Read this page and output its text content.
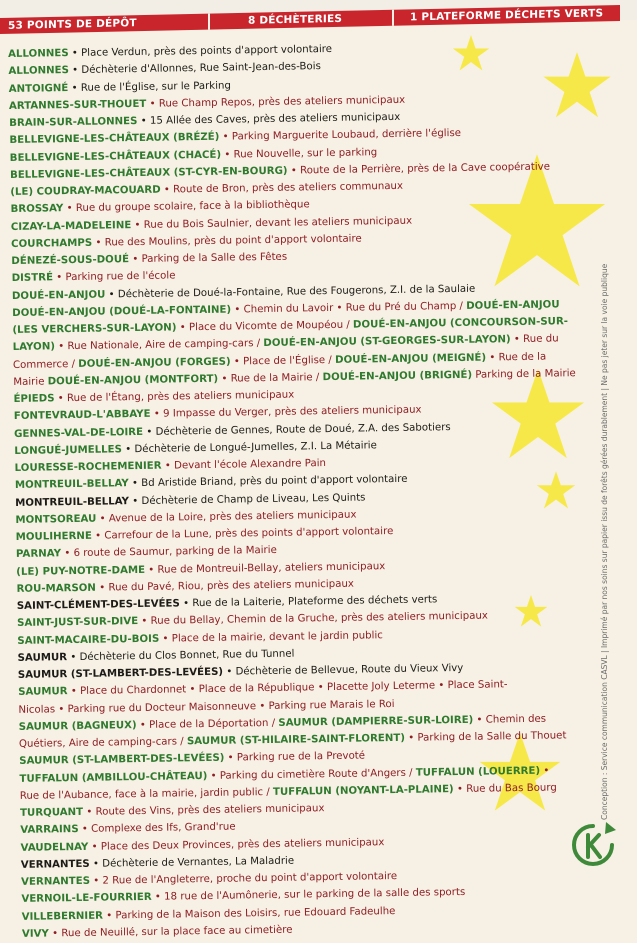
53 POINTS DE DÉPÔT	8 DÉCHÈTERIES	1 PLATEFORME DÉCHETS VERTS
ALLONNES • Place Verdun, près des points d'apport volontaire
ALLONNES • Déchèterie d'Allonnes, Rue Saint-Jean-des-Bois
ANTOIGNÉ • Rue de l'Église, sur le Parking
ARTANNES-SUR-THOUET • Rue Champ Repos, près des ateliers municipaux
BRAIN-SUR-ALLONNES • 15 Allée des Caves, près des ateliers municipaux
BELLEVIGNE-LES-CHÂTEAUX (BRÉZÉ) • Parking Marguerite Loubaud, derrière l'église
BELLEVIGNE-LES-CHÂTEAUX (CHACÉ) • Rue Nouvelle, sur le parking
BELLEVIGNE-LES-CHÂTEAUX (ST-CYR-EN-BOURG) • Route de la Perrière, près de la Cave coopérative
(LE) COUDRAY-MACOUARD • Route de Bron, près des ateliers communaux
BROSSAY • Rue du groupe scolaire, face à la bibliothèque
CIZAY-LA-MADELEINE • Rue du Bois Saulnier, devant les ateliers municipaux
COURCHAMPS • Rue des Moulins, près du point d'apport volontaire
DÉNEZÉ-SOUS-DOUÉ • Parking de la Salle des Fêtes
DISTRÉ • Parking rue de l'école
DOUÉ-EN-ANJOU • Déchèterie de Doué-la-Fontaine, Rue des Fougerons, Z.I. de la Saulaie
DOUÉ-EN-ANJOU (DOUÉ-LA-FONTAINE) • Chemin du Lavoir • Rue du Pré du Champ / DOUÉ-EN-ANJOU
(LES VERCHERS-SUR-LAYON) • Place du Vicomte de Moupéou / DOUÉ-EN-ANJOU (CONCOURSON-SUR-
LAYON) • Rue Nationale, Aire de camping-cars / DOUÉ-EN-ANJOU (ST-GEORGES-SUR-LAYON) • Rue du
Commerce / DOUÉ-EN-ANJOU (FORGES) • Place de l'Église / DOUÉ-EN-ANJOU (MEIGNÉ) • Rue de la
Mairie DOUÉ-EN-ANJOU (MONTFORT) • Rue de la Mairie / DOUÉ-EN-ANJOU (BRIGNÉ) Parking de la Mairie
ÉPIEDS • Rue de l'Étang, près des ateliers municipaux
FONTEVRAUD-L'ABBAYE • 9 Impasse du Verger, près des ateliers municipaux
GENNES-VAL-DE-LOIRE • Déchèterie de Gennes, Route de Doué, Z.A. des Sabotiers
LONGUÉ-JUMELLES • Déchèterie de Longué-Jumelles, Z.I. La Métairie
LOURESSE-ROCHEMENIER • Devant l'école Alexandre Pain
MONTREUIL-BELLAY • Bd Aristide Briand, près du point d'apport volontaire
MONTREUIL-BELLAY • Déchèterie de Champ de Liveau, Les Quints
MONTSOREAU • Avenue de la Loire, près des ateliers municipaux
MOULIHERNE • Carrefour de la Lune, près des points d'apport volontaire
PARNAY • 6 route de Saumur, parking de la Mairie
(LE) PUY-NOTRE-DAME • Rue de Montreuil-Bellay, ateliers municipaux
ROU-MARSON • Rue du Pavé, Riou, près des ateliers municipaux
SAINT-CLÉMENT-DES-LEVÉES • Rue de la Laiterie, Plateforme des déchets verts
SAINT-JUST-SUR-DIVE • Rue du Bellay, Chemin de la Gruche, près des ateliers municipaux
SAINT-MACAIRE-DU-BOIS • Place de la mairie, devant le jardin public
SAUMUR • Déchèterie du Clos Bonnet, Rue du Tunnel
SAUMUR (ST-LAMBERT-DES-LEVÉES) • Déchèterie de Bellevue, Route du Vieux Vivy
SAUMUR • Place du Chardonnet • Place de la République • Placette Joly Leterme • Place Saint-
Nicolas • Parking rue du Docteur Maisonneuve • Parking rue Marais le Roi
SAUMUR (BAGNEUX) • Place de la Déportation / SAUMUR (DAMPIERRE-SUR-LOIRE) • Chemin des
Quétiers, Aire de camping-cars / SAUMUR (ST-HILAIRE-SAINT-FLORENT) • Parking de la Salle du Thouet
SAUMUR (ST-LAMBERT-DES-LEVÉES) • Parking rue de la Prevoté
TUFFALUN (AMBILLOU-CHÂTEAU) • Parking du cimetière Route d'Angers / TUFFALUN (LOUERRE) •
Rue de l'Aubance, face à la mairie, jardin public / TUFFALUN (NOYANT-LA-PLAINE) • Rue du Bas Bourg
TURQUANT • Route des Vins, près des ateliers municipaux
VARRAINS • Complexe des Ifs, Grand'rue
VAUDELNAY • Place des Deux Provinces, près des ateliers municipaux
VERNANTES • Déchèterie de Vernantes, La Maladrie
VERNANTES • 2 Rue de l'Angleterre, proche du point d'apport volontaire
VERNOIL-LE-FOURRIER • 18 rue de l'Aumônerie, sur le parking de la salle des sports
VILLEBERNIER • Parking de la Maison des Loisirs, rue Edouard Fadeulhe
VIVY • Rue de Neuillé, sur la place face au cimetière
Conception : Service communication CASVL | Imprimé par nos soins sur papier issu de forêts gérées durablement | Ne pas jeter sur la voie publique
